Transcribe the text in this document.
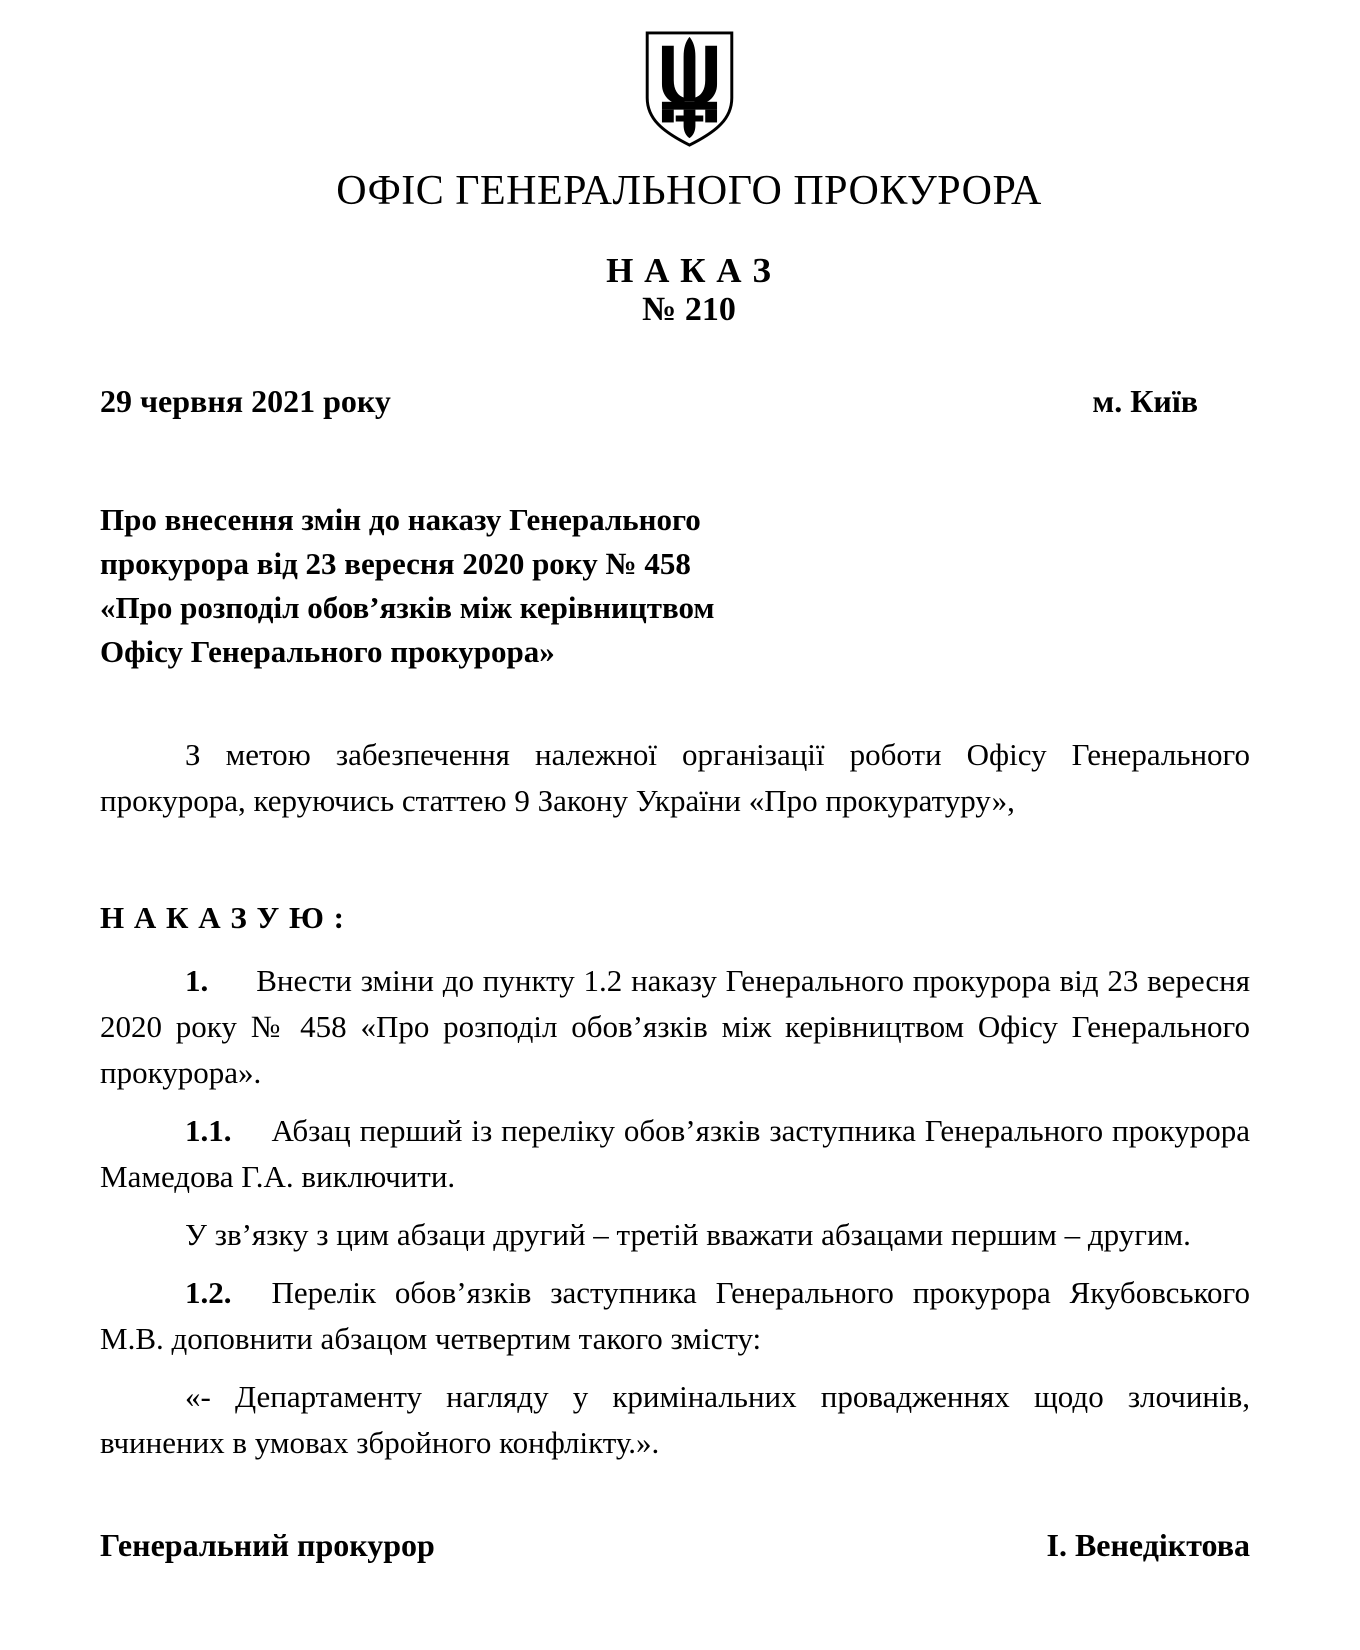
ОФІС ГЕНЕРАЛЬНОГО ПРОКУРОРА
Н А К А З
№ 210
29 червня 2021 року	м. Київ
Про внесення змін до наказу Генерального
прокурора від 23 вересня 2020 року № 458
«Про розподіл обов’язків між керівництвом
Офісу Генерального прокурора»

З метою забезпечення належної організації роботи Офісу Генерального прокурора, керуючись статтею 9 Закону України «Про прокуратуру»,

Н А К А З У Ю :

1. Внести зміни до пункту 1.2 наказу Генерального прокурора від 23 вересня 2020 року № 458 «Про розподіл обов’язків між керівництвом Офісу Генерального прокурора».

1.1. Абзац перший із переліку обов’язків заступника Генерального прокурора Мамедова Г.А. виключити.

У зв’язку з цим абзаци другий – третій вважати абзацами першим – другим.

1.2. Перелік обов’язків заступника Генерального прокурора Якубовського М.В. доповнити абзацом четвертим такого змісту:

«- Департаменту нагляду у кримінальних провадженнях щодо злочинів, вчинених в умовах збройного конфлікту.».

Генеральний прокурор	І. Венедіктова
